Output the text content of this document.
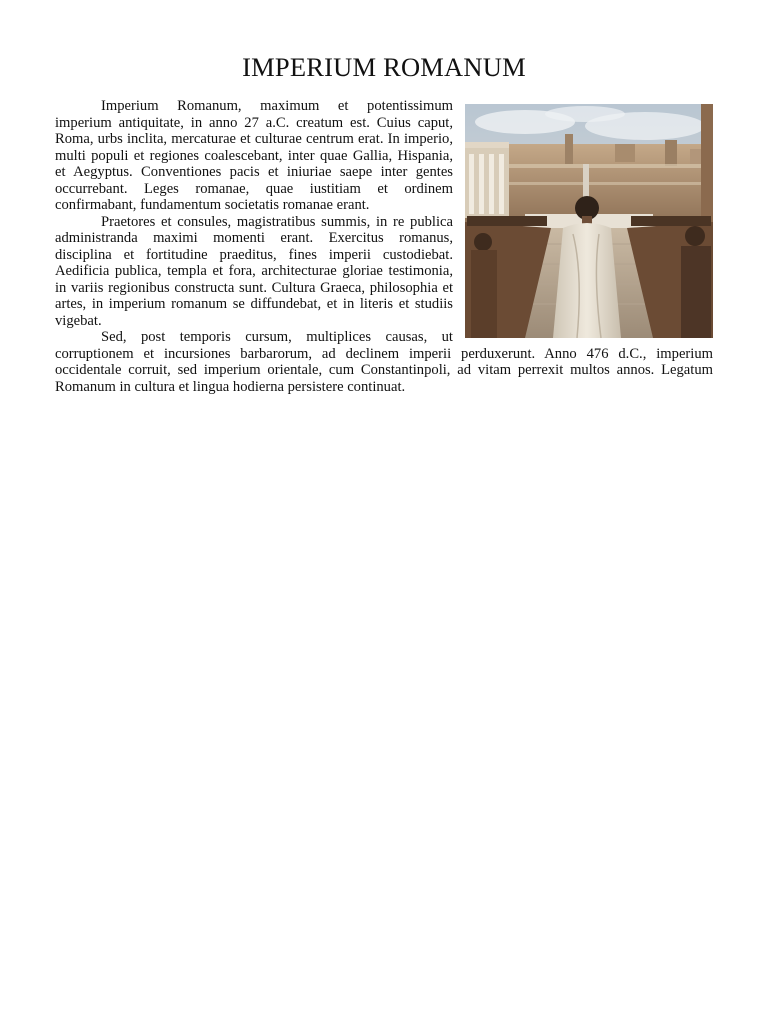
IMPERIUM ROMANUM

Imperium Romanum, maximum et potentissimum imperium antiquitate, in anno 27 a.C. creatum est. Cuius caput, Roma, urbs inclita, mercaturae et culturae centrum erat. In imperio, multi populi et regiones coalescebant, inter quae Gallia, Hispania, et Aegyptus. Conventiones pacis et iniuriae saepe inter gentes occurrebant. Leges romanae, quae iustitiam et ordinem confirmabant, fundamentum societatis romanae erant.

Praetores et consules, magistratibus summis, in re publica administranda maximi momenti erant. Exercitus romanus, disciplina et fortitudine praeditus, fines imperii custodiebat. Aedificia publica, templa et fora, architecturae gloriae testimonia, in variis regionibus constructa sunt. Cultura Graeca, philosophia et artes, in imperium romanum se diffundebat, et in literis et studiis vigebat.

Sed, post temporis cursum, multiplices causas, ut corruptionem et incursiones barbarorum, ad declinem imperii perduxerunt. Anno 476 d.C., imperium occidentale corruit, sed imperium orientale, cum Constantinpoli, ad vitam perrexit multos annos. Legatum Romanum in cultura et lingua hodierna persistere continuat.
